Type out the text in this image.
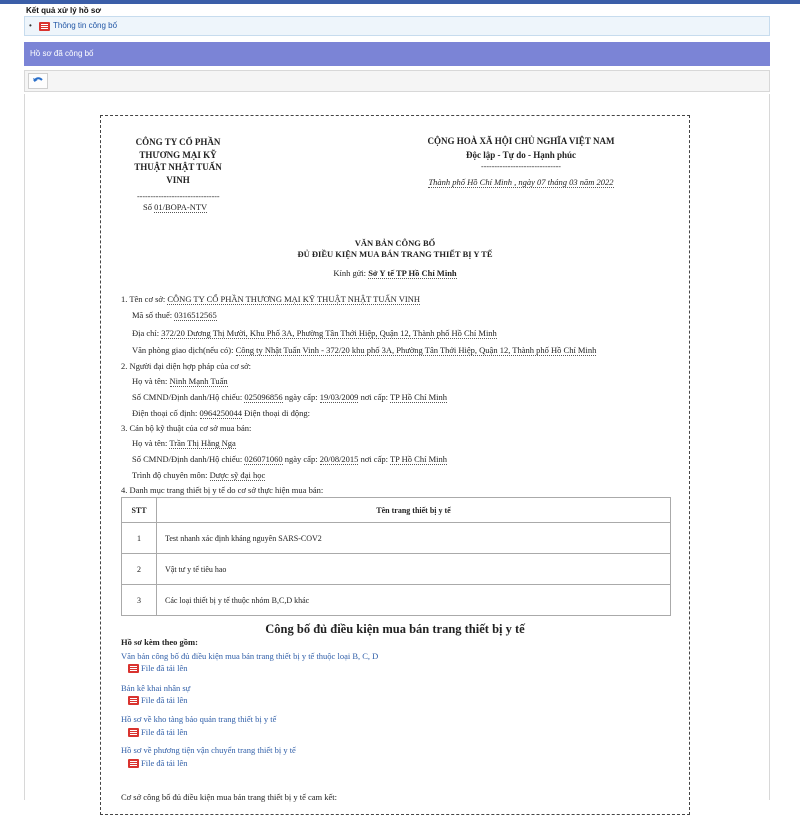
Kết quả xử lý hồ sơ
•	Thông tin công bố
Hồ sơ đã công bố
CÔNG TY CỔ PHẦN THƯƠNG MẠI KỸ THUẬT NHẬT TUẤN VINH
-------------------------------
Số 01/BOPA-NTV
CỘNG HOÀ XÃ HỘI CHỦ NGHĨA VIỆT NAM
Độc lập - Tự do - Hạnh phúc
------------------------------
Thành phố Hồ Chí Minh , ngày 07 tháng 03 năm 2022
VĂN BẢN CÔNG BỐ
ĐỦ ĐIỀU KIỆN MUA BÁN TRANG THIẾT BỊ Y TẾ
Kính gửi: Sở Y tế TP Hồ Chí Minh
1. Tên cơ sở: CÔNG TY CỔ PHẦN THƯƠNG MẠI KỸ THUẬT NHẬT TUẤN VINH
Mã số thuế: 0316512565
Địa chỉ: 372/20 Dương Thị Mười, Khu Phố 3A, Phường Tân Thới Hiệp, Quận 12, Thành phố Hồ Chí Minh
Văn phòng giao dịch(nếu có): Công ty Nhật Tuấn Vinh - 372/20 khu phố 3A, Phường Tân Thới Hiệp, Quận 12, Thành phố Hồ Chí Minh
2. Người đại diện hợp pháp của cơ sở:
Họ và tên: Ninh Mạnh Tuấn
Số CMND/Định danh/Hộ chiếu: 025096856 ngày cấp: 19/03/2009 nơi cấp: TP Hồ Chí Minh
Điện thoại cố định: 0964250044 Điện thoại di động:
3. Cán bộ kỹ thuật của cơ sở mua bán:
Họ và tên: Trần Thị Hằng Nga
Số CMND/Định danh/Hộ chiếu: 026071060 ngày cấp: 20/08/2015 nơi cấp: TP Hồ Chí Minh
Trình độ chuyên môn: Dược sỹ đại học
4. Danh mục trang thiết bị y tế do cơ sở thực hiện mua bán:
STT	Tên trang thiết bị y tế
1	Test nhanh xác định kháng nguyên SARS-COV2
2	Vật tư y tế tiêu hao
3	Các loại thiết bị y tế thuộc nhóm B,C,D khác
Công bố đủ điều kiện mua bán trang thiết bị y tế
Hồ sơ kèm theo gồm:
Văn bản công bố đủ điều kiện mua bán trang thiết bị y tế thuộc loại B, C, D
File đã tải lên
Bản kê khai nhân sự
File đã tải lên
Hồ sơ về kho tàng bảo quản trang thiết bị y tế
File đã tải lên
Hồ sơ về phương tiện vận chuyển trang thiết bị y tế
File đã tải lên
Cơ sở công bố đủ điều kiện mua bán trang thiết bị y tế cam kết:
